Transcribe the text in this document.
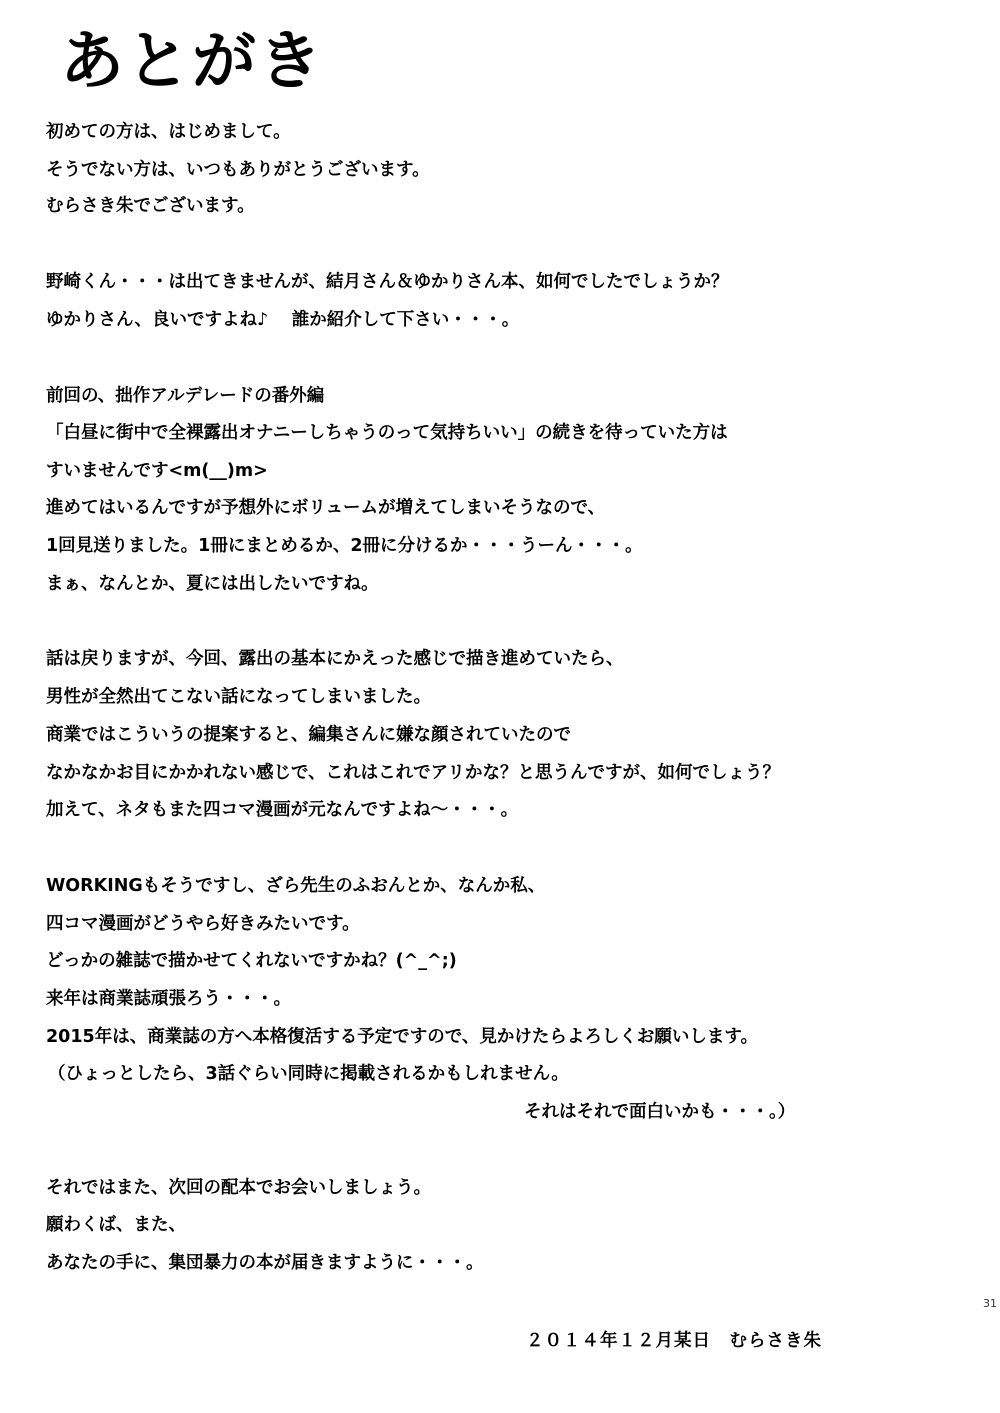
あとがき
初めての方は、はじめまして。
そうでない方は、いつもありがとうございます。
むらさき朱でございます。
野崎くん・・・は出てきませんが、結月さん＆ゆかりさん本、如何でしたでしょうか？
ゆかりさん、良いですよね♪　 誰か紹介して下さい・・・。
前回の、拙作アルデレードの番外編
「白昼に街中で全裸露出オナニーしちゃうのって気持ちいい」の続きを待っていた方は
すいませんです<m(__)m>
進めてはいるんですが予想外にボリュームが増えてしまいそうなので、
1回見送りました。1冊にまとめるか、2冊に分けるか・・・うーん・・・。
まぁ、なんとか、夏には出したいですね。
話は戻りますが、今回、露出の基本にかえった感じで描き進めていたら、
男性が全然出てこない話になってしまいました。
商業ではこういうの提案すると、編集さんに嫌な顔されていたので
なかなかお目にかかれない感じで、これはこれでアリかな？と思うんですが、如何でしょう？
加えて、ネタもまた四コマ漫画が元なんですよね～・・・。
WORKINGもそうですし、ざら先生のふおんとか、なんか私、
四コマ漫画がどうやら好きみたいです。
どっかの雑誌で描かせてくれないですかね？(^_^;)
来年は商業誌頑張ろう・・・。
2015年は、商業誌の方へ本格復活する予定ですので、見かけたらよろしくお願いします。
（ひょっとしたら、3話ぐらい同時に掲載されるかもしれません。
それはそれで面白いかも・・・。）
それではまた、次回の配本でお会いしましょう。
願わくば、また、
あなたの手に、集団暴力の本が届きますように・・・。
31
２０１４年１２月某日　むらさき朱
